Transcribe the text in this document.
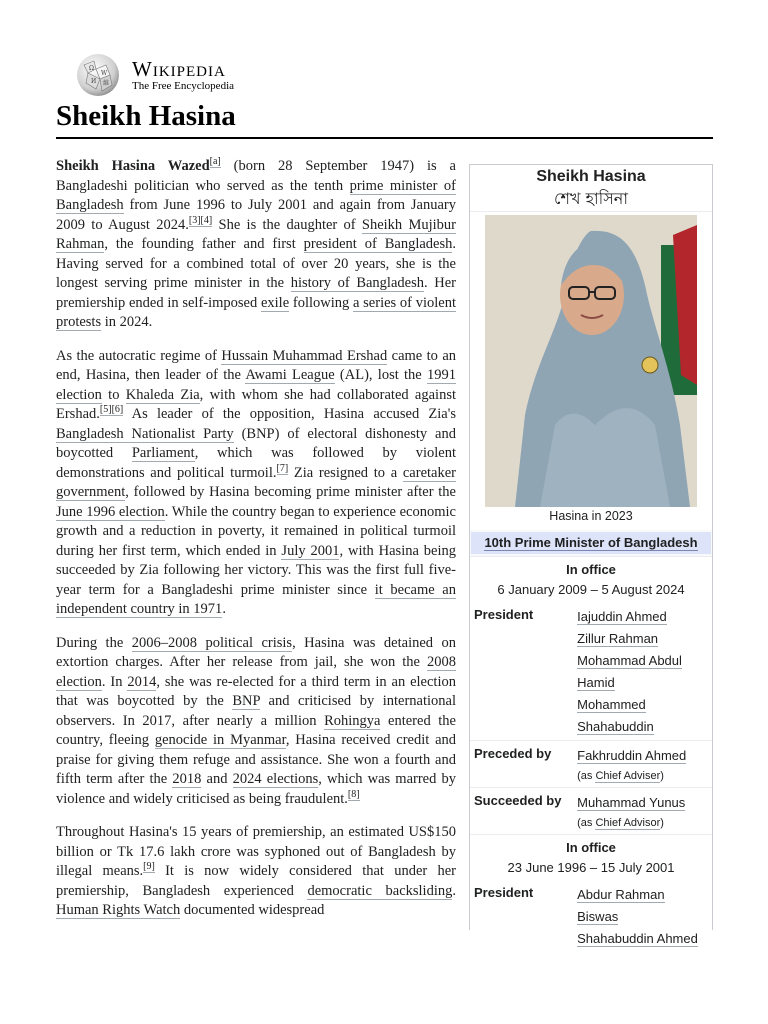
Ω
W
И 維
Wikipedia
The Free Encyclopedia
Sheikh Hasina

Sheikh Hasina Wazed[a] (born 28 September 1947) is a Bangladeshi politician who served as the tenth prime minister of Bangladesh from June 1996 to July 2001 and again from January 2009 to August 2024.[3][4] She is the daughter of Sheikh Mujibur Rahman, the founding father and first president of Bangladesh. Having served for a combined total of over 20 years, she is the longest serving prime minister in the history of Bangladesh. Her premiership ended in self-imposed exile following a series of violent protests in 2024.

As the autocratic regime of Hussain Muhammad Ershad came to an end, Hasina, then leader of the Awami League (AL), lost the 1991 election to Khaleda Zia, with whom she had collaborated against Ershad.[5][6] As leader of the opposition, Hasina accused Zia's Bangladesh Nationalist Party (BNP) of electoral dishonesty and boycotted Parliament, which was followed by violent demonstrations and political turmoil.[7] Zia resigned to a caretaker government, followed by Hasina becoming prime minister after the June 1996 election. While the country began to experience economic growth and a reduction in poverty, it remained in political turmoil during her first term, which ended in July 2001, with Hasina being succeeded by Zia following her victory. This was the first full five-year term for a Bangladeshi prime minister since it became an independent country in 1971.

During the 2006–2008 political crisis, Hasina was detained on extortion charges. After her release from jail, she won the 2008 election. In 2014, she was re-elected for a third term in an election that was boycotted by the BNP and criticised by international observers. In 2017, after nearly a million Rohingya entered the country, fleeing genocide in Myanmar, Hasina received credit and praise for giving them refuge and assistance. She won a fourth and fifth term after the 2018 and 2024 elections, which was marred by violence and widely criticised as being fraudulent.[8]

Throughout Hasina's 15 years of premiership, an estimated US$150 billion or Tk 17.6 lakh crore was syphoned out of Bangladesh by illegal means.[9] It is now widely considered that under her premiership, Bangladesh experienced democratic backsliding. Human Rights Watch documented widespread

Sheikh Hasina
শেখ হাসিনা
Hasina in 2023
10th Prime Minister of Bangladesh
In office
6 January 2009 – 5 August 2024
President	Iajuddin Ahmed
Zillur Rahman
Mohammad Abdul Hamid
Mohammed Shahabuddin
Preceded by	Fakhruddin Ahmed
(as Chief Adviser)
Succeeded by	Muhammad Yunus
(as Chief Advisor)
In office
23 June 1996 – 15 July 2001
President	Abdur Rahman Biswas
Shahabuddin Ahmed
